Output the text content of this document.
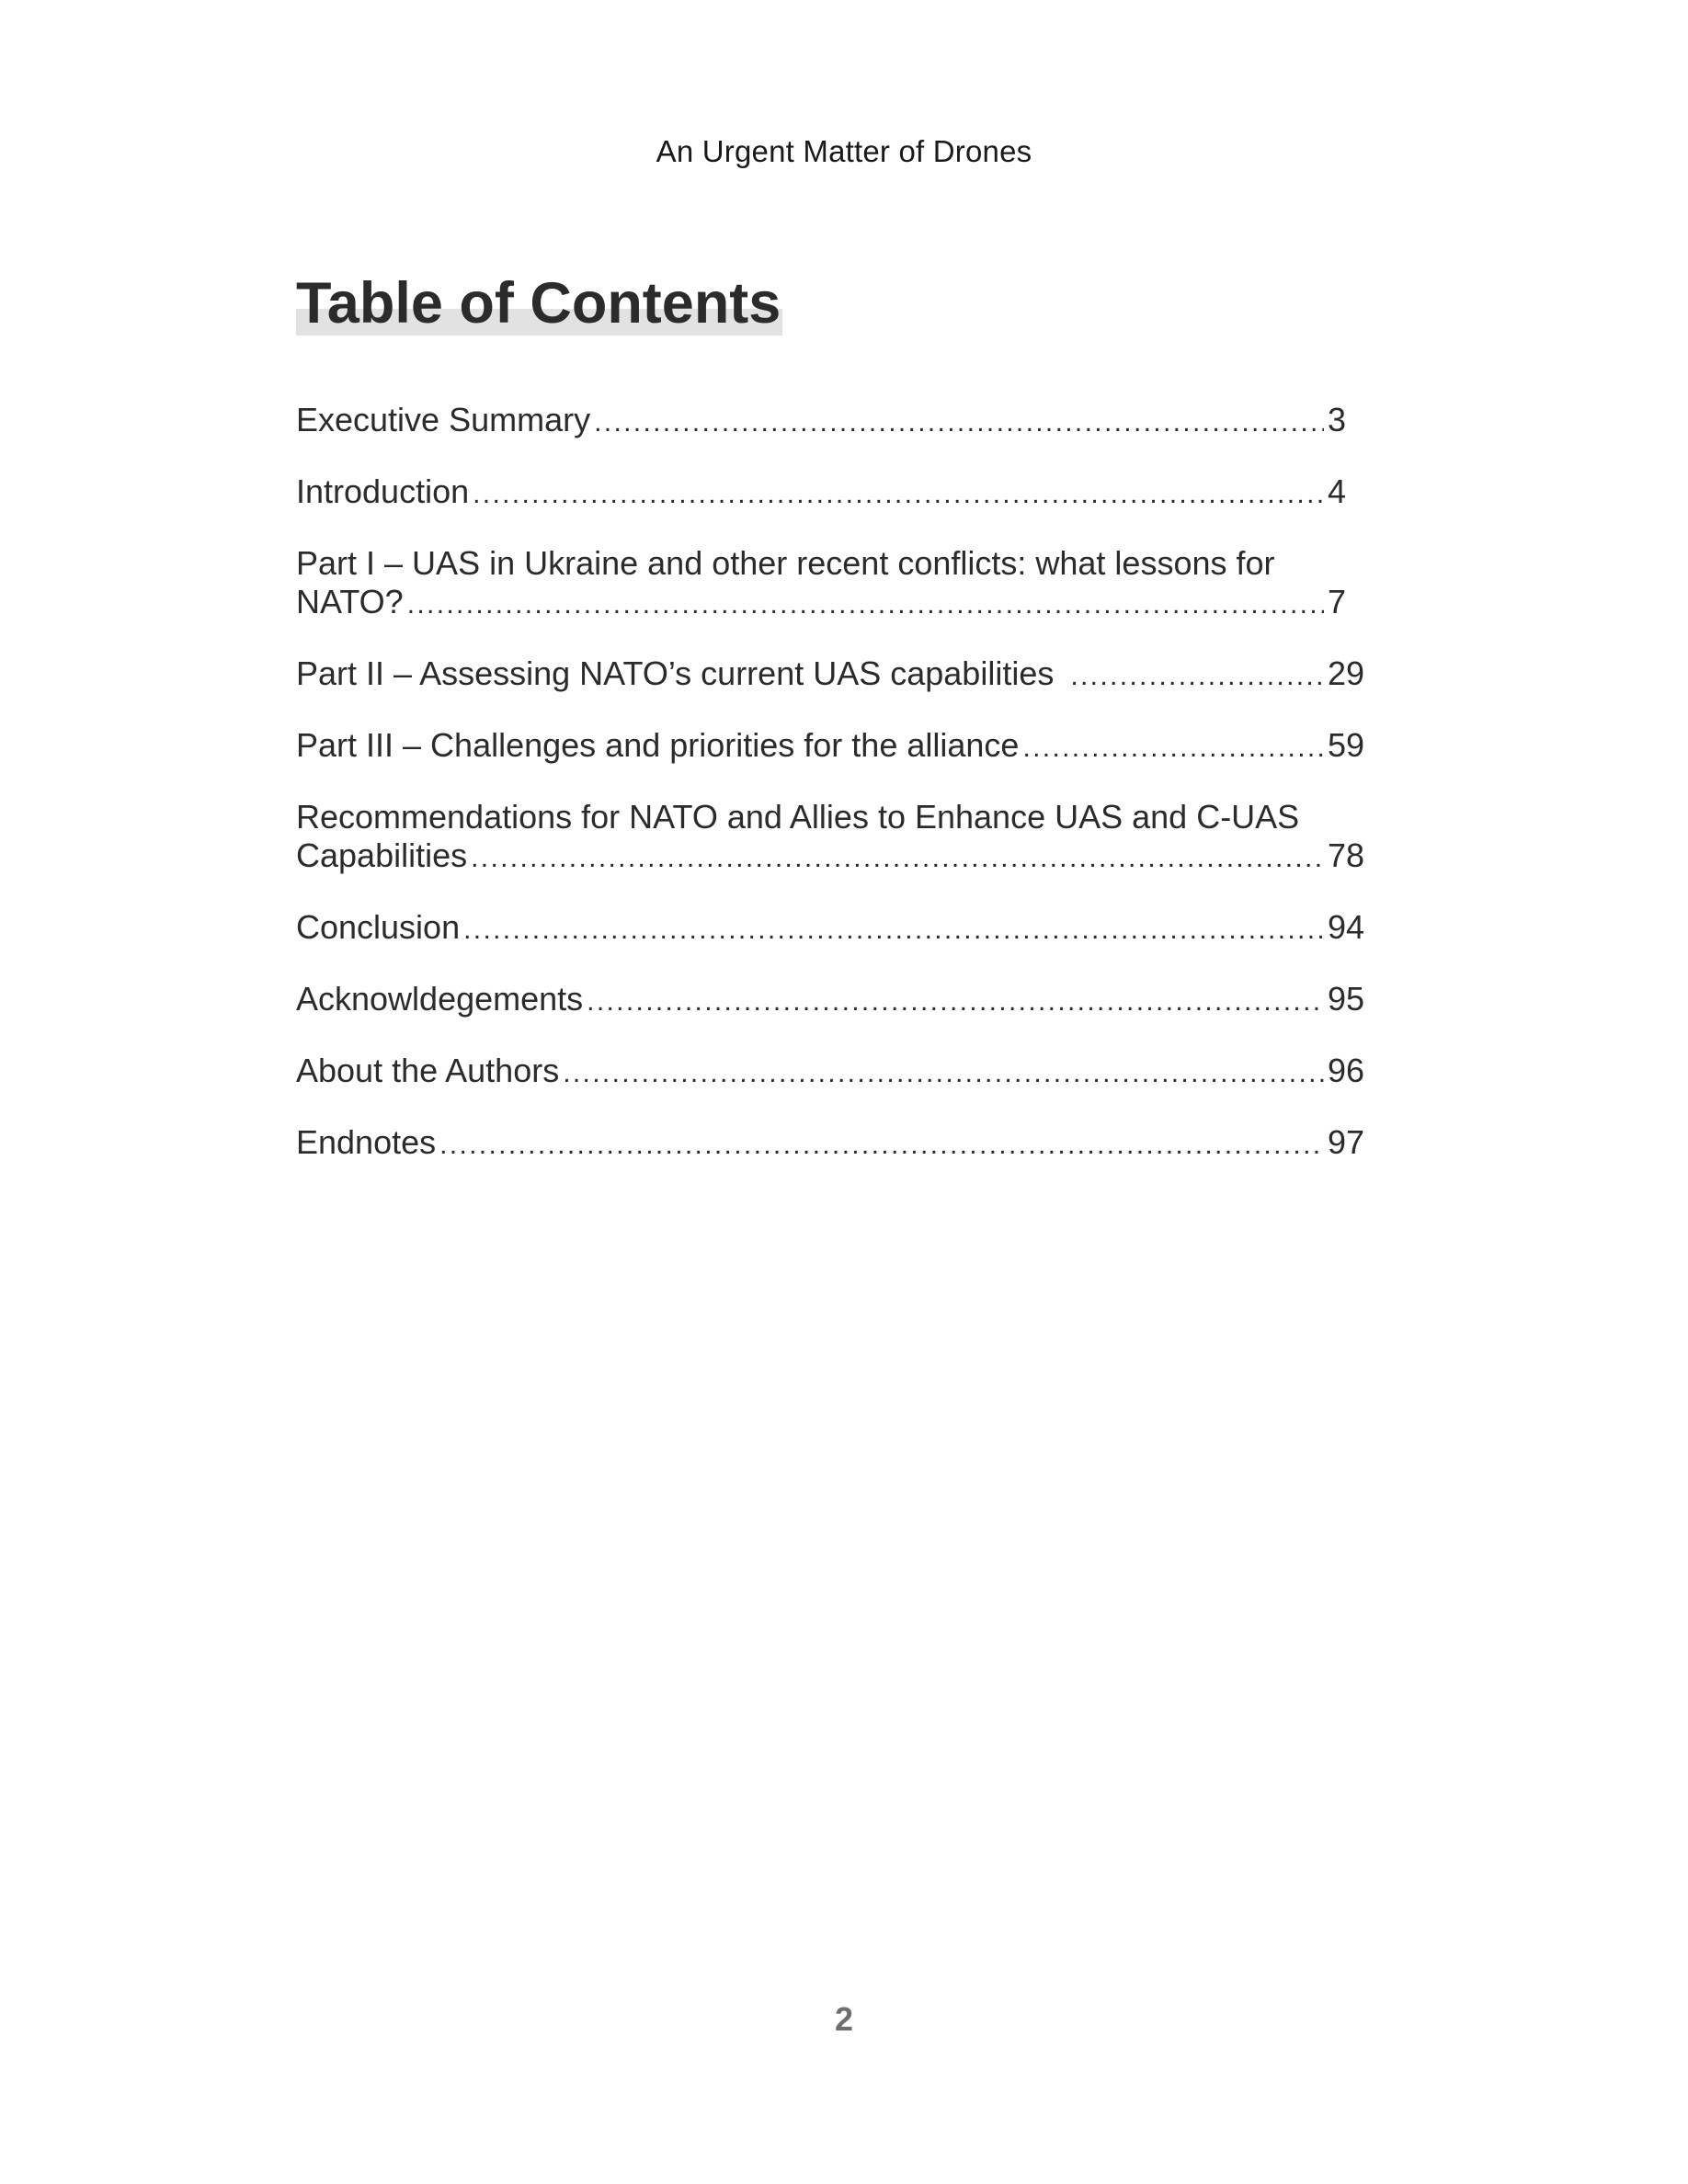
An Urgent Matter of Drones
Table of Contents
Executive Summary . . .	3
Introduction . . .	4
Part I – UAS in Ukraine and other recent conflicts: what lessons for
NATO? . . .	7
Part II – Assessing NATO’s current UAS capabilities . . .	29
Part III – Challenges and priorities for the alliance . . .	59
Recommendations for NATO and Allies to Enhance UAS and C-UAS
Capabilities . . .	78
Conclusion . . .	94
Acknowldegements . . .	95
About the Authors . . .	96
Endnotes . . .	97
2
